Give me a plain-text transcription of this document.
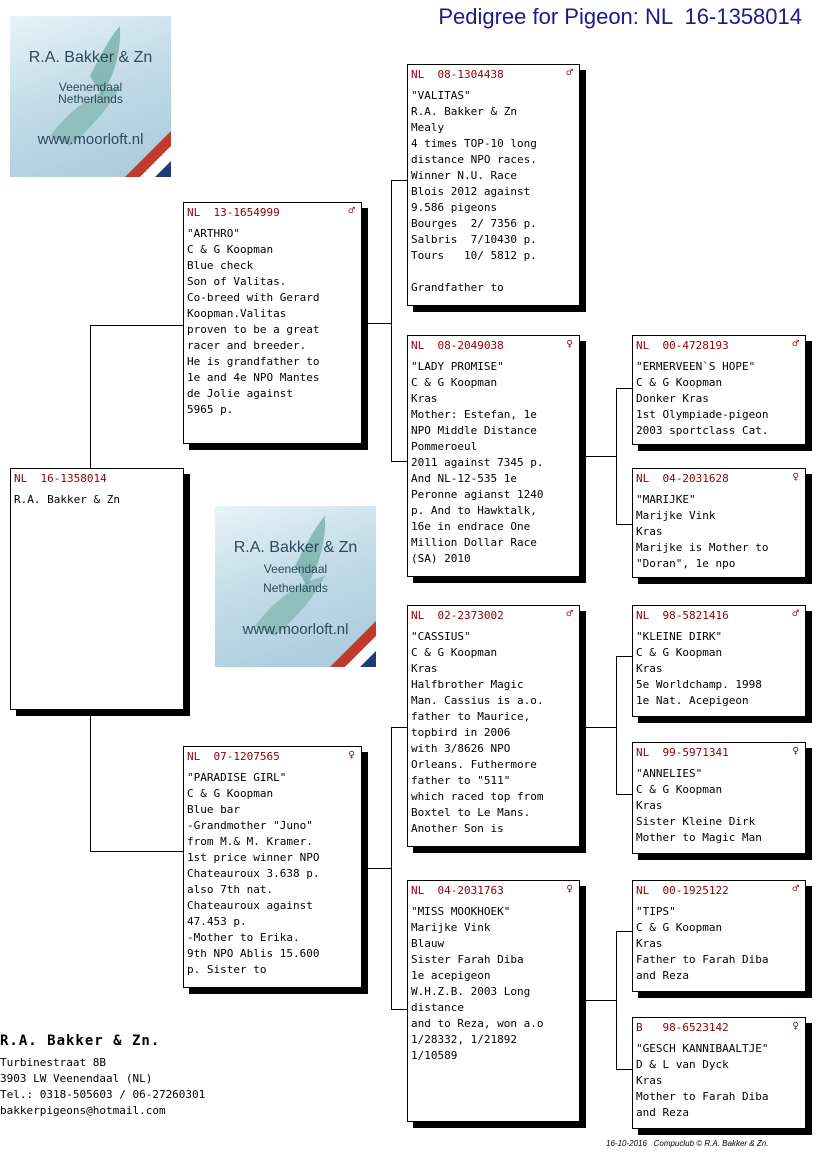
Pedigree for Pigeon: NL  16-1358014
R.A. Bakker & Zn
Veenendaal
Netherlands
www.moorloft.nl
R.A. Bakker & Zn
Veenendaal
Netherlands
www.moorloft.nl
NL  16-1358014
R.A. Bakker & Zn
NL  13-1654999	♂
"ARTHRO"
C & G Koopman
Blue check
Son of Valitas.
Co-breed with Gerard
Koopman.Valitas
proven to be a great
racer and breeder.
He is grandfather to
1e and 4e NPO Mantes
de Jolie against
5965 p.
NL  07-1207565	♀
"PARADISE GIRL"
C & G Koopman
Blue bar
-Grandmother "Juno"
from M.& M. Kramer.
1st price winner NPO
Chateauroux 3.638 p.
also 7th nat.
Chateauroux against
47.453 p.
-Mother to Erika.
9th NPO Ablis 15.600
p. Sister to
NL  08-1304438	♂
"VALITAS"
R.A. Bakker & Zn
Mealy
4 times TOP-10 long
distance NPO races.
Winner N.U. Race
Blois 2012 against
9.586 pigeons
Bourges  2/ 7356 p.
Salbris  7/10430 p.
Tours   10/ 5812 p.
Grandfather to
NL  08-2049038	♀
"LADY PROMISE"
C & G Koopman
Kras
Mother: Estefan, 1e
NPO Middle Distance
Pommeroeul
2011 against 7345 p.
And NL-12-535 1e
Peronne agianst 1240
p. And to Hawktalk,
16e in endrace One
Million Dollar Race
(SA) 2010
NL  02-2373002	♂
"CASSIUS"
C & G Koopman
Kras
Halfbrother Magic
Man. Cassius is a.o.
father to Maurice,
topbird in 2006
with 3/8626 NPO
Orleans. Futhermore
father to "511"
which raced top from
Boxtel to Le Mans.
Another Son is
NL  04-2031763	♀
"MISS MOOKHOEK"
Marijke Vink
Blauw
Sister Farah Diba
1e acepigeon
W.H.Z.B. 2003 Long
distance
and to Reza, won a.o
1/28332, 1/21892
1/10589
NL  00-4728193	♂
"ERMERVEEN`S HOPE"
C & G Koopman
Donker Kras
1st Olympiade-pigeon
2003 sportclass Cat.
NL  04-2031628	♀
"MARIJKE"
Marijke Vink
Kras
Marijke is Mother to
"Doran", 1e npo
NL  98-5821416	♂
"KLEINE DIRK"
C & G Koopman
Kras
5e Worldchamp. 1998
1e Nat. Acepigeon
NL  99-5971341	♀
"ANNELIES"
C & G Koopman
Kras
Sister Kleine Dirk
Mother to Magic Man
NL  00-1925122	♂
"TIPS"
C & G Koopman
Kras
Father to Farah Diba
and Reza
B   98-6523142	♀
"GESCH KANNIBAALTJE"
D & L van Dyck
Kras
Mother to Farah Diba
and Reza
R.A. Bakker & Zn.
Turbinestraat 8B
3903 LW Veenendaal (NL)
Tel.: 0318-505603 / 06-27260301
bakkerpigeons@hotmail.com
16-10-2016 Compuclub © R.A. Bakker & Zn.
